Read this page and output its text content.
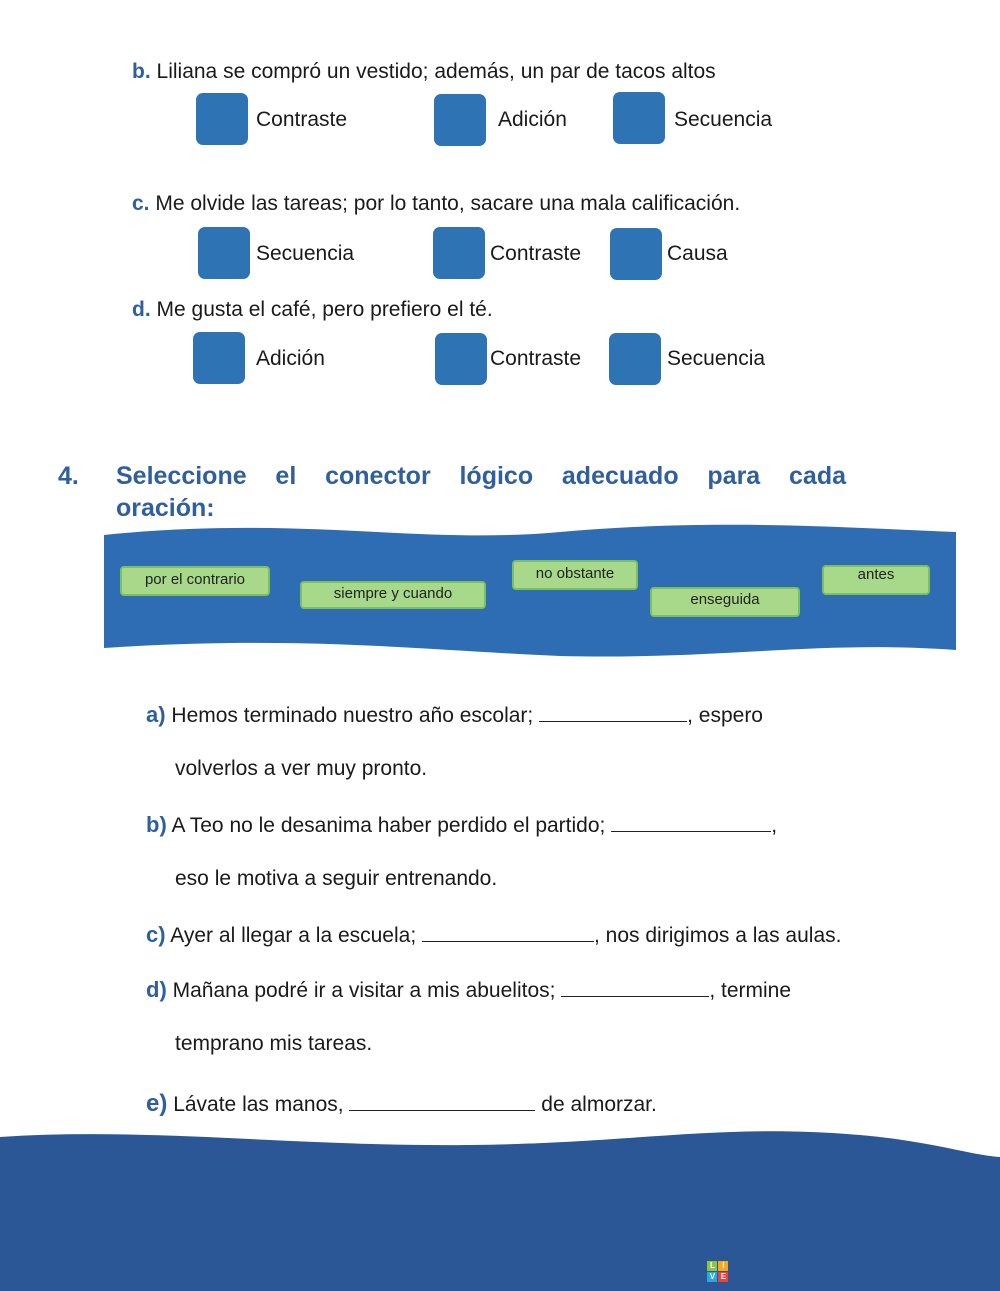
b. Liliana se compró un vestido; además, un par de tacos altos
Contraste	Adición	Secuencia
c. Me olvide las tareas; por lo tanto, sacare una mala calificación.
Secuencia	Contraste	Causa
d. Me gusta el café, pero prefiero el té.
Adición	Contraste	Secuencia
4. Seleccione el conector lógico adecuado para cada oración:
por el contrario
siempre y cuando
no obstante
enseguida
antes
a) Hemos terminado nuestro año escolar;	, espero
volverlos a ver muy pronto.
b) A Teo no le desanima haber perdido el partido;	,
eso le motiva a seguir entrenando.
c) Ayer al llegar a la escuela;	, nos dirigimos a las aulas.
d) Mañana podré ir a visitar a mis abuelitos;	, termine
temprano mis tareas.
e) Lávate las manos,	de almorzar.
L I
V E LIVEWORKSHEETS
